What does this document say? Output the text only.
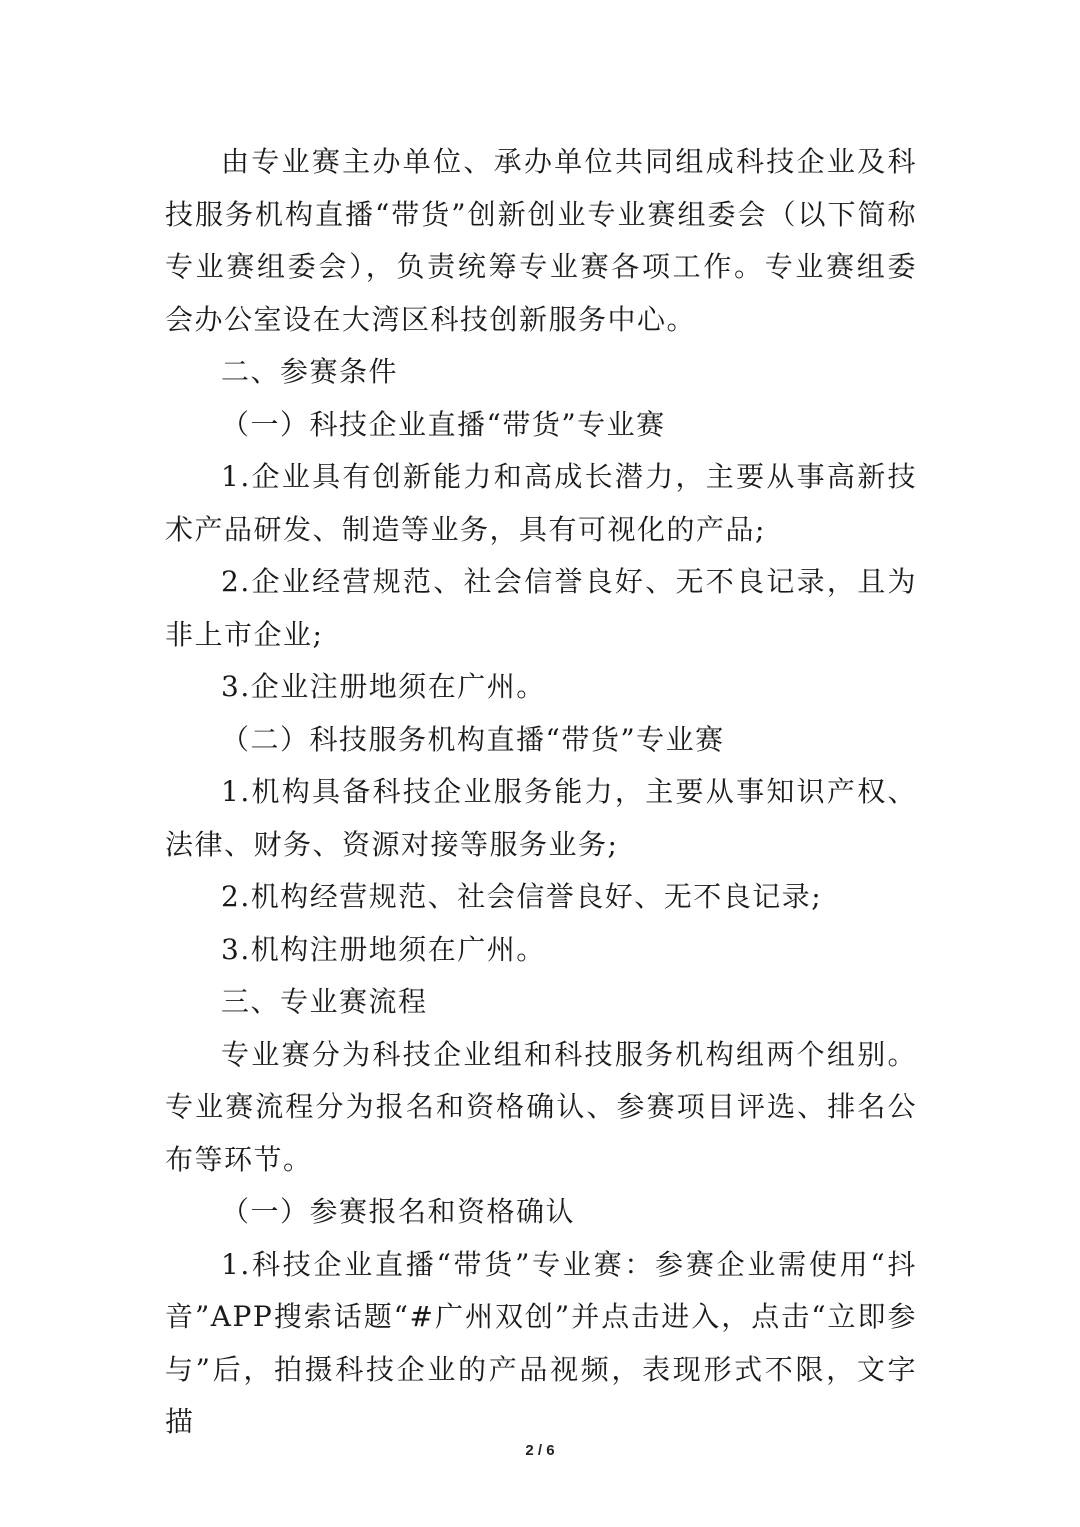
由专业赛主办单位、承办单位共同组成科技企业及科技服务机构直播“带货”创新创业专业赛组委会（以下简称专业赛组委会），负责统筹专业赛各项工作。专业赛组委会办公室设在大湾区科技创新服务中心。

二、参赛条件

（一）科技企业直播“带货”专业赛

1.企业具有创新能力和高成长潜力，主要从事高新技术产品研发、制造等业务，具有可视化的产品;

2.企业经营规范、社会信誉良好、无不良记录，且为非上市企业;

3.企业注册地须在广州。

（二）科技服务机构直播“带货”专业赛

1.机构具备科技企业服务能力，主要从事知识产权、法律、财务、资源对接等服务业务;

2.机构经营规范、社会信誉良好、无不良记录;

3.机构注册地须在广州。

三、专业赛流程

专业赛分为科技企业组和科技服务机构组两个组别。专业赛流程分为报名和资格确认、参赛项目评选、排名公布等环节。

（一）参赛报名和资格确认

1.科技企业直播“带货”专业赛：参赛企业需使用“抖音”APP搜索话题“#广州双创”并点击进入，点击“立即参与”后，拍摄科技企业的产品视频，表现形式不限，文字描

2 / 6
